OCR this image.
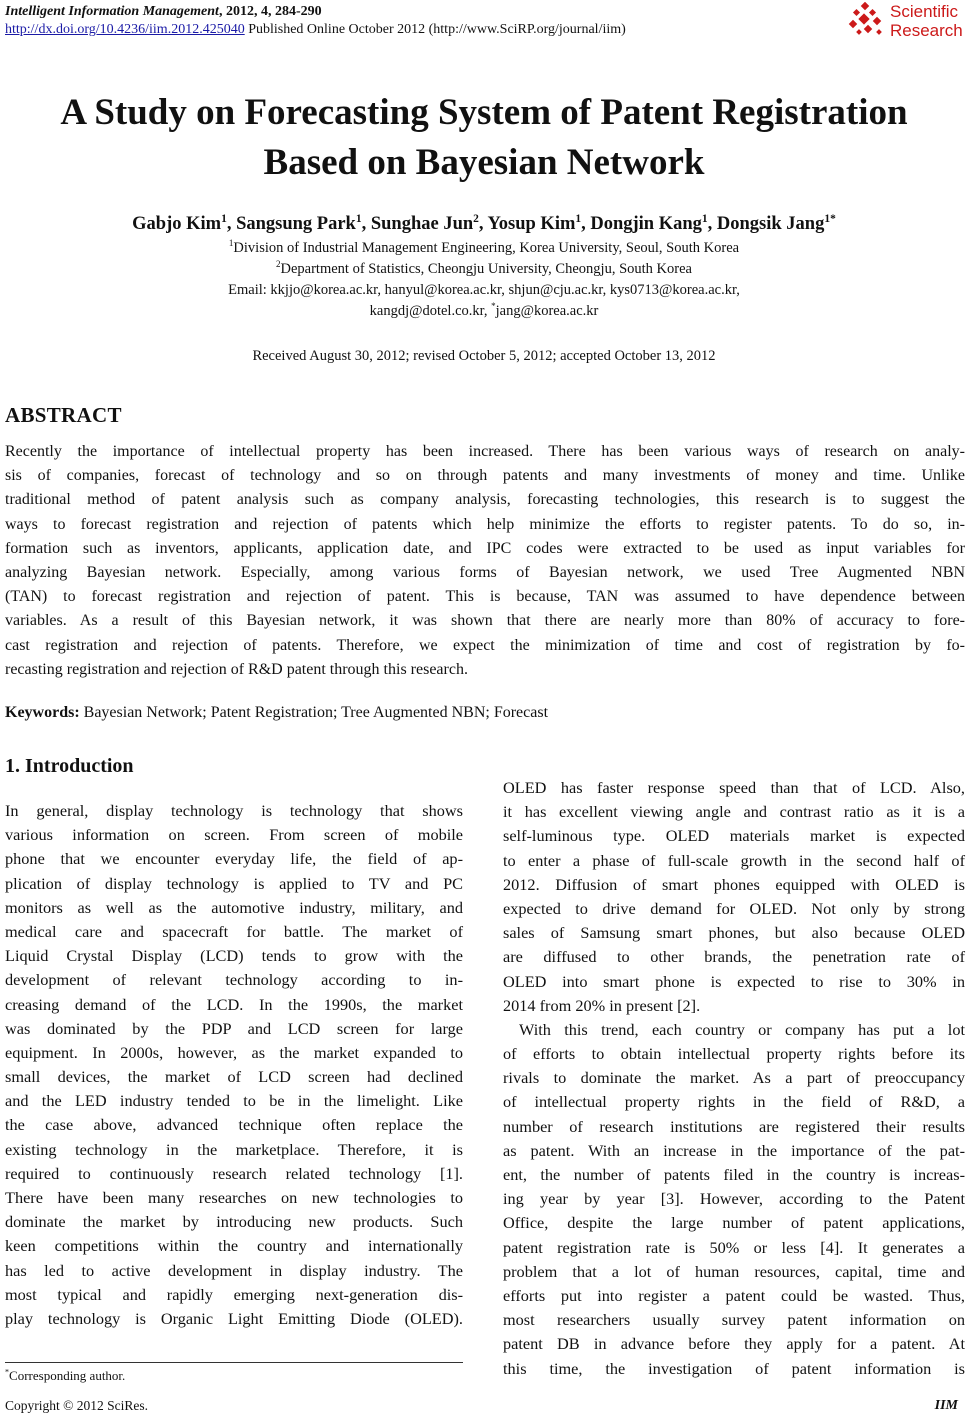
Intelligent Information Management, 2012, 4, 284-290
http://dx.doi.org/10.4236/iim.2012.425040 Published Online October 2012 (http://www.SciRP.org/journal/iim)
Scientific
Research
A Study on Forecasting System of Patent Registration
Based on Bayesian Network
Gabjo Kim$^1$, Sangsung Park$^1$, Sunghae Jun$^2$, Yosup Kim$^1$, Dongjin Kang$^1$, Dongsik Jang$^{1*}$
$^1$Division of Industrial Management Engineering, Korea University, Seoul, South Korea
$^2$Department of Statistics, Cheongju University, Cheongju, South Korea
Email: kkjjo@korea.ac.kr, hanyul@korea.ac.kr, shjun@cju.ac.kr, kys0713@korea.ac.kr,
kangdj@dotel.co.kr, *jang@korea.ac.kr
Received August 30, 2012; revised October 5, 2012; accepted October 13, 2012
ABSTRACT
Recently the importance of intellectual property has been increased. There has been various ways of research on analy-
sis of companies, forecast of technology and so on through patents and many investments of money and time. Unlike
traditional method of patent analysis such as company analysis, forecasting technologies, this research is to suggest the
ways to forecast registration and rejection of patents which help minimize the efforts to register patents. To do so, in-
formation such as inventors, applicants, application date, and IPC codes were extracted to be used as input variables for
analyzing Bayesian network. Especially, among various forms of Bayesian network, we used Tree Augmented NBN
(TAN) to forecast registration and rejection of patent. This is because, TAN was assumed to have dependence between
variables. As a result of this Bayesian network, it was shown that there are nearly more than 80% of accuracy to fore-
cast registration and rejection of patents. Therefore, we expect the minimization of time and cost of registration by fo-
recasting registration and rejection of R&D patent through this research.
Keywords: Bayesian Network; Patent Registration; Tree Augmented NBN; Forecast
1. Introduction
In general, display technology is technology that shows
various information on screen. From screen of mobile
phone that we encounter everyday life, the field of ap-
plication of display technology is applied to TV and PC
monitors as well as the automotive industry, military, and
medical care and spacecraft for battle. The market of
Liquid Crystal Display (LCD) tends to grow with the
development of relevant technology according to in-
creasing demand of the LCD. In the 1990s, the market
was dominated by the PDP and LCD screen for large
equipment. In 2000s, however, as the market expanded to
small devices, the market of LCD screen had declined
and the LED industry tended to be in the limelight. Like
the case above, advanced technique often replace the
existing technology in the marketplace. Therefore, it is
required to continuously research related technology [1].
There have been many researches on new technologies to
dominate the market by introducing new products. Such
keen competitions within the country and internationally
has led to active development in display industry. The
most typical and rapidly emerging next-generation dis-
play technology is Organic Light Emitting Diode (OLED).
OLED has faster response speed than that of LCD. Also,
it has excellent viewing angle and contrast ratio as it is a
self-luminous type. OLED materials market is expected
to enter a phase of full-scale growth in the second half of
2012. Diffusion of smart phones equipped with OLED is
expected to drive demand for OLED. Not only by strong
sales of Samsung smart phones, but also because OLED
are diffused to other brands, the penetration rate of
OLED into smart phone is expected to rise to 30% in
2014 from 20% in present [2].
With this trend, each country or company has put a lot
of efforts to obtain intellectual property rights before its
rivals to dominate the market. As a part of preoccupancy
of intellectual property rights in the field of R&D, a
number of research institutions are registered their results
as patent. With an increase in the importance of the pat-
ent, the number of patents filed in the country is increas-
ing year by year [3]. However, according to the Patent
Office, despite the large number of patent applications,
patent registration rate is 50% or less [4]. It generates a
problem that a lot of human resources, capital, time and
efforts put into register a patent could be wasted. Thus,
most researchers usually survey patent information on
patent DB in advance before they apply for a patent. At
this time, the investigation of patent information is
*Corresponding author.
Copyright © 2012 SciRes.	IIM
